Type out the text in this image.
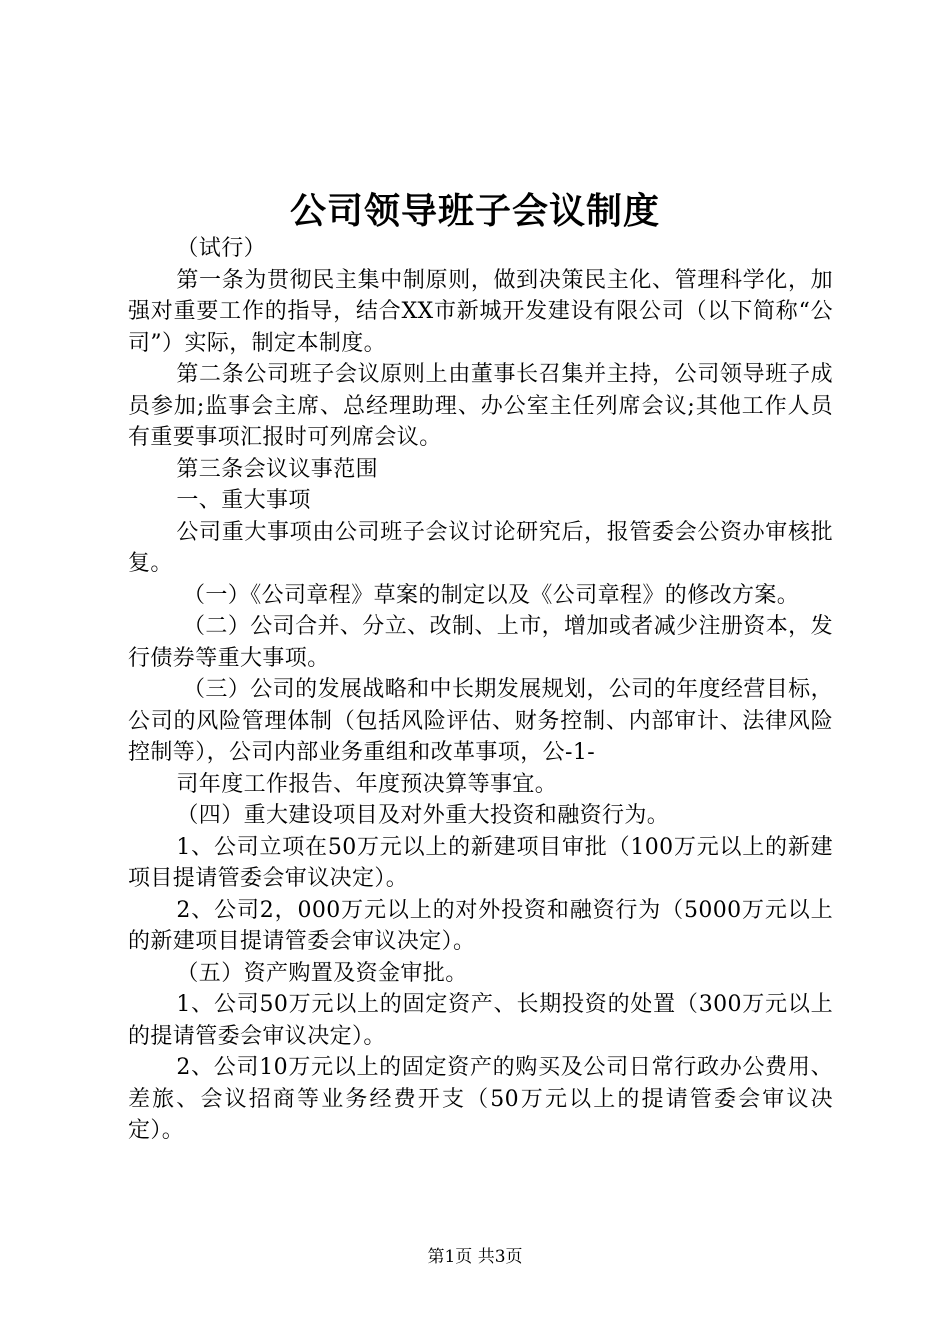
公司领导班子会议制度

（试行）

第一条为贯彻民主集中制原则，做到决策民主化、管理科学化，加强对重要工作的指导，结合XX市新城开发建设有限公司（以下简称“公司”）实际，制定本制度。

第二条公司班子会议原则上由董事长召集并主持，公司领导班子成员参加;监事会主席、总经理助理、办公室主任列席会议;其他工作人员有重要事项汇报时可列席会议。

第三条会议议事范围

一、重大事项

公司重大事项由公司班子会议讨论研究后，报管委会公资办审核批复。

（一）《公司章程》草案的制定以及《公司章程》的修改方案。

（二）公司合并、分立、改制、上市，增加或者减少注册资本，发行债券等重大事项。

（三）公司的发展战略和中长期发展规划，公司的年度经营目标，公司的风险管理体制（包括风险评估、财务控制、内部审计、法律风险控制等），公司内部业务重组和改革事项，公-1-

司年度工作报告、年度预决算等事宜。

（四）重大建设项目及对外重大投资和融资行为。

1、公司立项在50万元以上的新建项目审批（100万元以上的新建项目提请管委会审议决定）。

2、公司2，000万元以上的对外投资和融资行为（5000万元以上的新建项目提请管委会审议决定）。

（五）资产购置及资金审批。

1、公司50万元以上的固定资产、长期投资的处置（300万元以上的提请管委会审议决定）。

2、公司10万元以上的固定资产的购买及公司日常行政办公费用、差旅、会议招商等业务经费开支（50万元以上的提请管委会审议决定）。

第1页 共3页
